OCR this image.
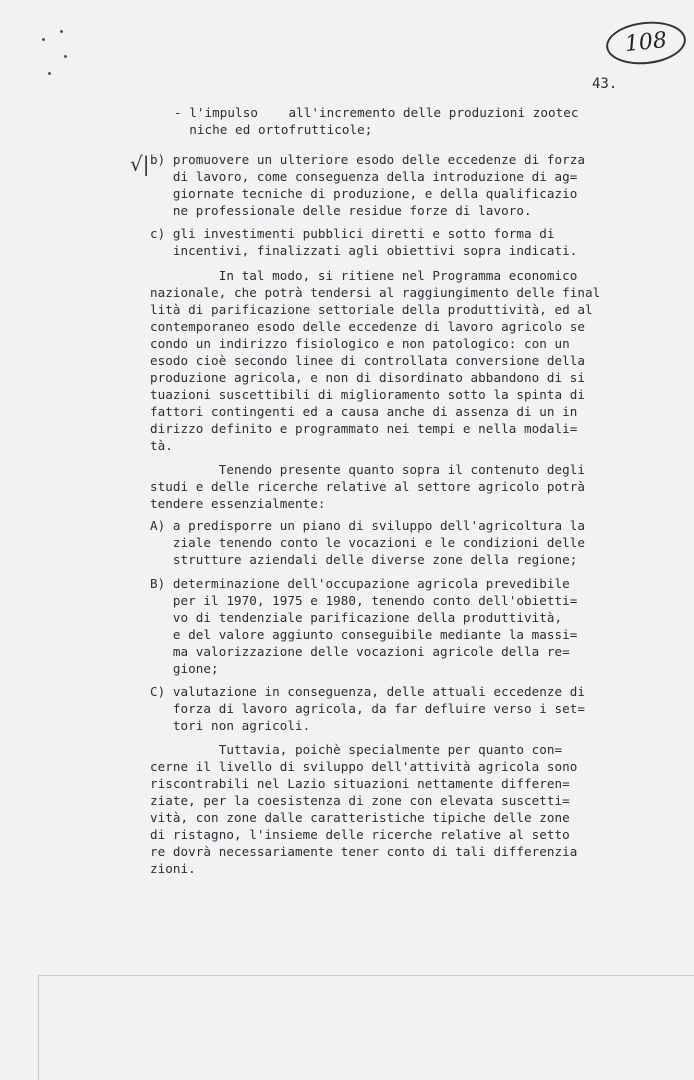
108
43.
√|
- l'impulso    all'incremento delle produzioni zootec
niche ed ortofrutticole;
b) promuovere un ulteriore esodo delle eccedenze di forza
di lavoro, come conseguenza della introduzione di ag=
giornate tecniche di produzione, e della qualificazio
ne professionale delle residue forze di lavoro.
c) gli investimenti pubblici diretti e sotto forma di
incentivi, finalizzati agli obiettivi sopra indicati.
In tal modo, si ritiene nel Programma economico
nazionale, che potrà tendersi al raggiungimento delle final
lità di parificazione settoriale della produttività, ed al
contemporaneo esodo delle eccedenze di lavoro agricolo se
condo un indirizzo fisiologico e non patologico: con un
esodo cioè secondo linee di controllata conversione della
produzione agricola, e non di disordinato abbandono di si
tuazioni suscettibili di miglioramento sotto la spinta di
fattori contingenti ed a causa anche di assenza di un in
dirizzo definito e programmato nei tempi e nella modali=
tà.
Tenendo presente quanto sopra il contenuto degli
studi e delle ricerche relative al settore agricolo potrà
tendere essenzialmente:
A) a predisporre un piano di sviluppo dell'agricoltura la
ziale tenendo conto le vocazioni e le condizioni delle
strutture aziendali delle diverse zone della regione;
B) determinazione dell'occupazione agricola prevedibile
per il 1970, 1975 e 1980, tenendo conto dell'obietti=
vo di tendenziale parificazione della produttività,
e del valore aggiunto conseguibile mediante la massi=
ma valorizzazione delle vocazioni agricole della re=
gione;
C) valutazione in conseguenza, delle attuali eccedenze di
forza di lavoro agricola, da far defluire verso i set=
tori non agricoli.
Tuttavia, poichè specialmente per quanto con=
cerne il livello di sviluppo dell'attività agricola sono
riscontrabili nel Lazio situazioni nettamente differen=
ziate, per la coesistenza di zone con elevata suscetti=
vità, con zone dalle caratteristiche tipiche delle zone
di ristagno, l'insieme delle ricerche relative al setto
re dovrà necessariamente tener conto di tali differenzia
zioni.
